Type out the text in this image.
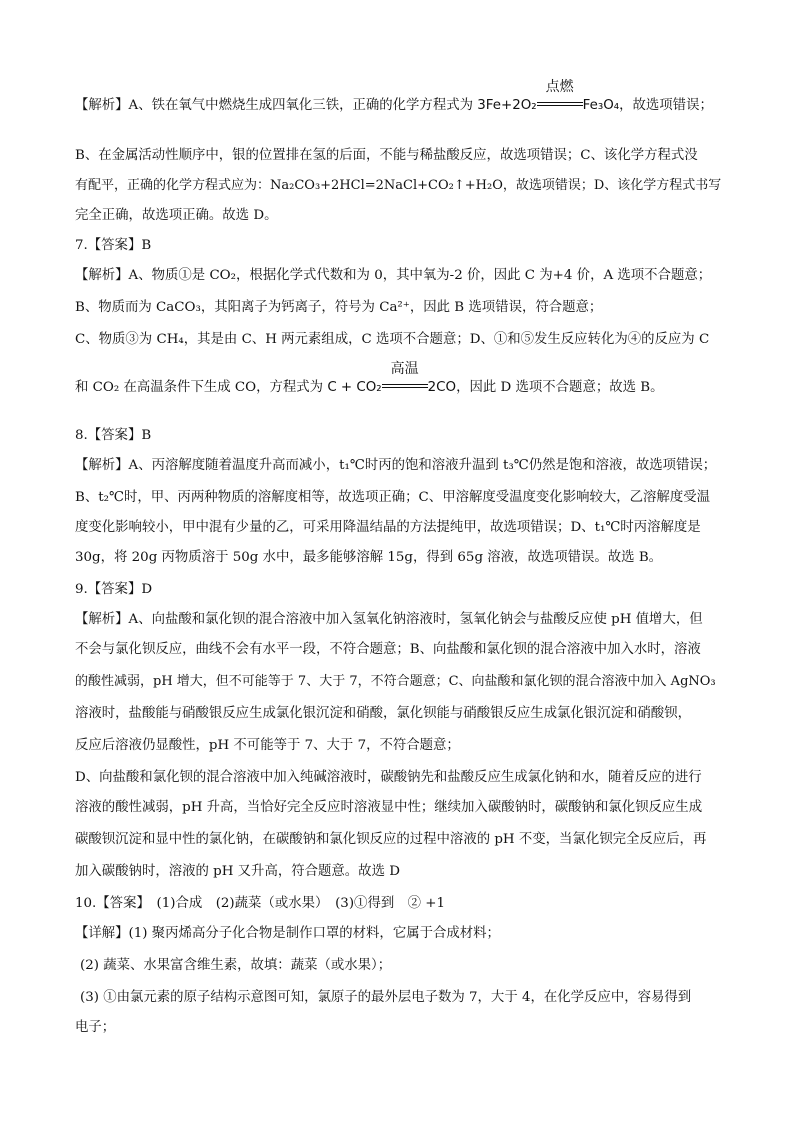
【解析】A、铁在氧气中燃烧生成四氧化三铁，正确的化学方程式为 3Fe+2O₂
点燃
Fe₃O₄，故选项错误；
B、在金属活动性顺序中，银的位置排在氢的后面，不能与稀盐酸反应，故选项错误；C、该化学方程式没
有配平，正确的化学方程式应为：Na₂CO₃+2HCl=2NaCl+CO₂↑+H₂O，故选项错误；D、该化学方程式书写
完全正确，故选项正确。故选 D。
7.【答案】B
【解析】A、物质①是 CO₂，根据化学式代数和为 0，其中氧为-2 价，因此 C 为+4 价，A 选项不合题意；
B、物质而为 CaCO₃，其阳离子为钙离子，符号为 Ca²⁺，因此 B 选项错误，符合题意；
C、物质③为 CH₄，其是由 C、H 两元素组成，C 选项不合题意；D、①和⑤发生反应转化为④的反应为 C
和 CO₂ 在高温条件下生成 CO，方程式为 C + CO₂
高温
2CO，因此 D 选项不合题意；故选 B。
8.【答案】B
【解析】A、丙溶解度随着温度升高而减小，t₁℃时丙的饱和溶液升温到 t₃℃仍然是饱和溶液，故选项错误；
B、t₂℃时，甲、丙两种物质的溶解度相等，故选项正确；C、甲溶解度受温度变化影响较大，乙溶解度受温
度变化影响较小，甲中混有少量的乙，可采用降温结晶的方法提纯甲，故选项错误；D、t₁℃时丙溶解度是
30g，将 20g 丙物质溶于 50g 水中，最多能够溶解 15g，得到 65g 溶液，故选项错误。故选 B。
9.【答案】D
【解析】A、向盐酸和氯化钡的混合溶液中加入氢氧化钠溶液时，氢氧化钠会与盐酸反应使 pH 值增大，但
不会与氯化钡反应，曲线不会有水平一段，不符合题意；B、向盐酸和氯化钡的混合溶液中加入水时，溶液
的酸性减弱，pH 增大，但不可能等于 7、大于 7，不符合题意；C、向盐酸和氯化钡的混合溶液中加入 AgNO₃
溶液时，盐酸能与硝酸银反应生成氯化银沉淀和硝酸，氯化钡能与硝酸银反应生成氯化银沉淀和硝酸钡，
反应后溶液仍显酸性，pH 不可能等于 7、大于 7，不符合题意；
D、向盐酸和氯化钡的混合溶液中加入纯碱溶液时，碳酸钠先和盐酸反应生成氯化钠和水，随着反应的进行
溶液的酸性减弱，pH 升高，当恰好完全反应时溶液显中性；继续加入碳酸钠时，碳酸钠和氯化钡反应生成
碳酸钡沉淀和显中性的氯化钠，在碳酸钠和氯化钡反应的过程中溶液的 pH 不变，当氯化钡完全反应后，再
加入碳酸钠时，溶液的 pH 又升高，符合题意。故选 D
10.【答案】　(1)合成　(2)蔬菜（或水果）　(3)①得到　② +1
【详解】(1) 聚丙烯高分子化合物是制作口罩的材料，它属于合成材料；
(2) 蔬菜、水果富含维生素，故填：蔬菜（或水果）；
(3) ①由氯元素的原子结构示意图可知，氯原子的最外层电子数为 7，大于 4，在化学反应中，容易得到
电子；
